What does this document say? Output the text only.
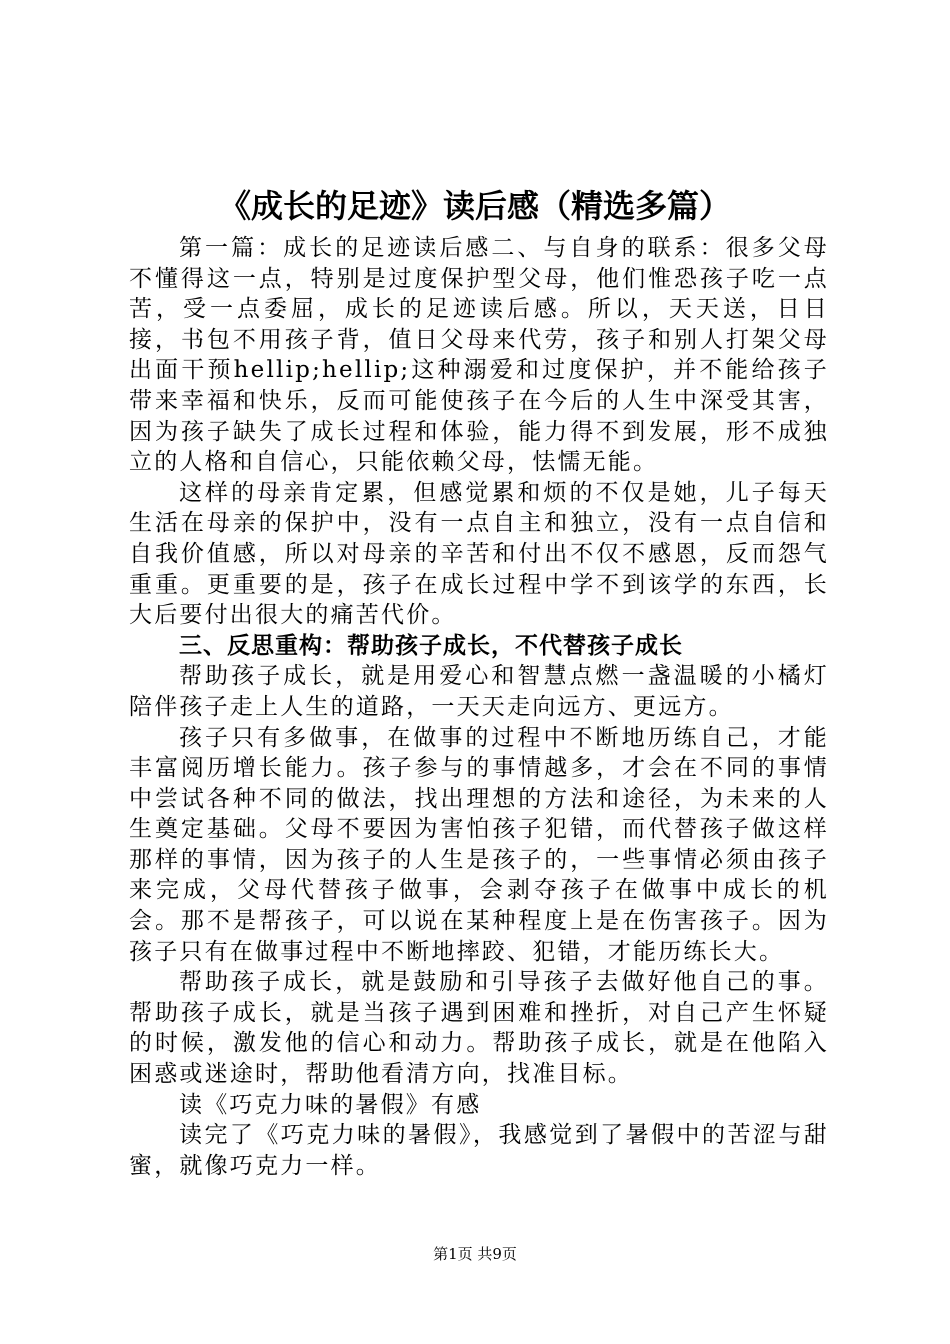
《成长的足迹》读后感（精选多篇）

第一篇：成长的足迹读后感二、与自身的联系：很多父母不懂得这一点，特别是过度保护型父母，他们惟恐孩子吃一点苦，受一点委屈，成长的足迹读后感。所以，天天送，日日接，书包不用孩子背，值日父母来代劳，孩子和别人打架父母出面干预hellip;hellip;这种溺爱和过度保护，并不能给孩子带来幸福和快乐，反而可能使孩子在今后的人生中深受其害，因为孩子缺失了成长过程和体验，能力得不到发展，形不成独立的人格和自信心，只能依赖父母，怯懦无能。

这样的母亲肯定累，但感觉累和烦的不仅是她，儿子每天生活在母亲的保护中，没有一点自主和独立，没有一点自信和自我价值感，所以对母亲的辛苦和付出不仅不感恩，反而怨气重重。更重要的是，孩子在成长过程中学不到该学的东西，长大后要付出很大的痛苦代价。

三、反思重构：帮助孩子成长，不代替孩子成长

帮助孩子成长，就是用爱心和智慧点燃一盏温暖的小橘灯陪伴孩子走上人生的道路，一天天走向远方、更远方。

孩子只有多做事，在做事的过程中不断地历练自己，才能丰富阅历增长能力。孩子参与的事情越多，才会在不同的事情中尝试各种不同的做法，找出理想的方法和途径，为未来的人生奠定基础。父母不要因为害怕孩子犯错，而代替孩子做这样那样的事情，因为孩子的人生是孩子的，一些事情必须由孩子来完成，父母代替孩子做事，会剥夺孩子在做事中成长的机会。那不是帮孩子，可以说在某种程度上是在伤害孩子。因为孩子只有在做事过程中不断地摔跤、犯错，才能历练长大。

帮助孩子成长，就是鼓励和引导孩子去做好他自己的事。帮助孩子成长，就是当孩子遇到困难和挫折，对自己产生怀疑的时候，激发他的信心和动力。帮助孩子成长，就是在他陷入困惑或迷途时，帮助他看清方向，找准目标。

读《巧克力味的暑假》有感

读完了《巧克力味的暑假》，我感觉到了暑假中的苦涩与甜蜜，就像巧克力一样。

第1页 共9页
